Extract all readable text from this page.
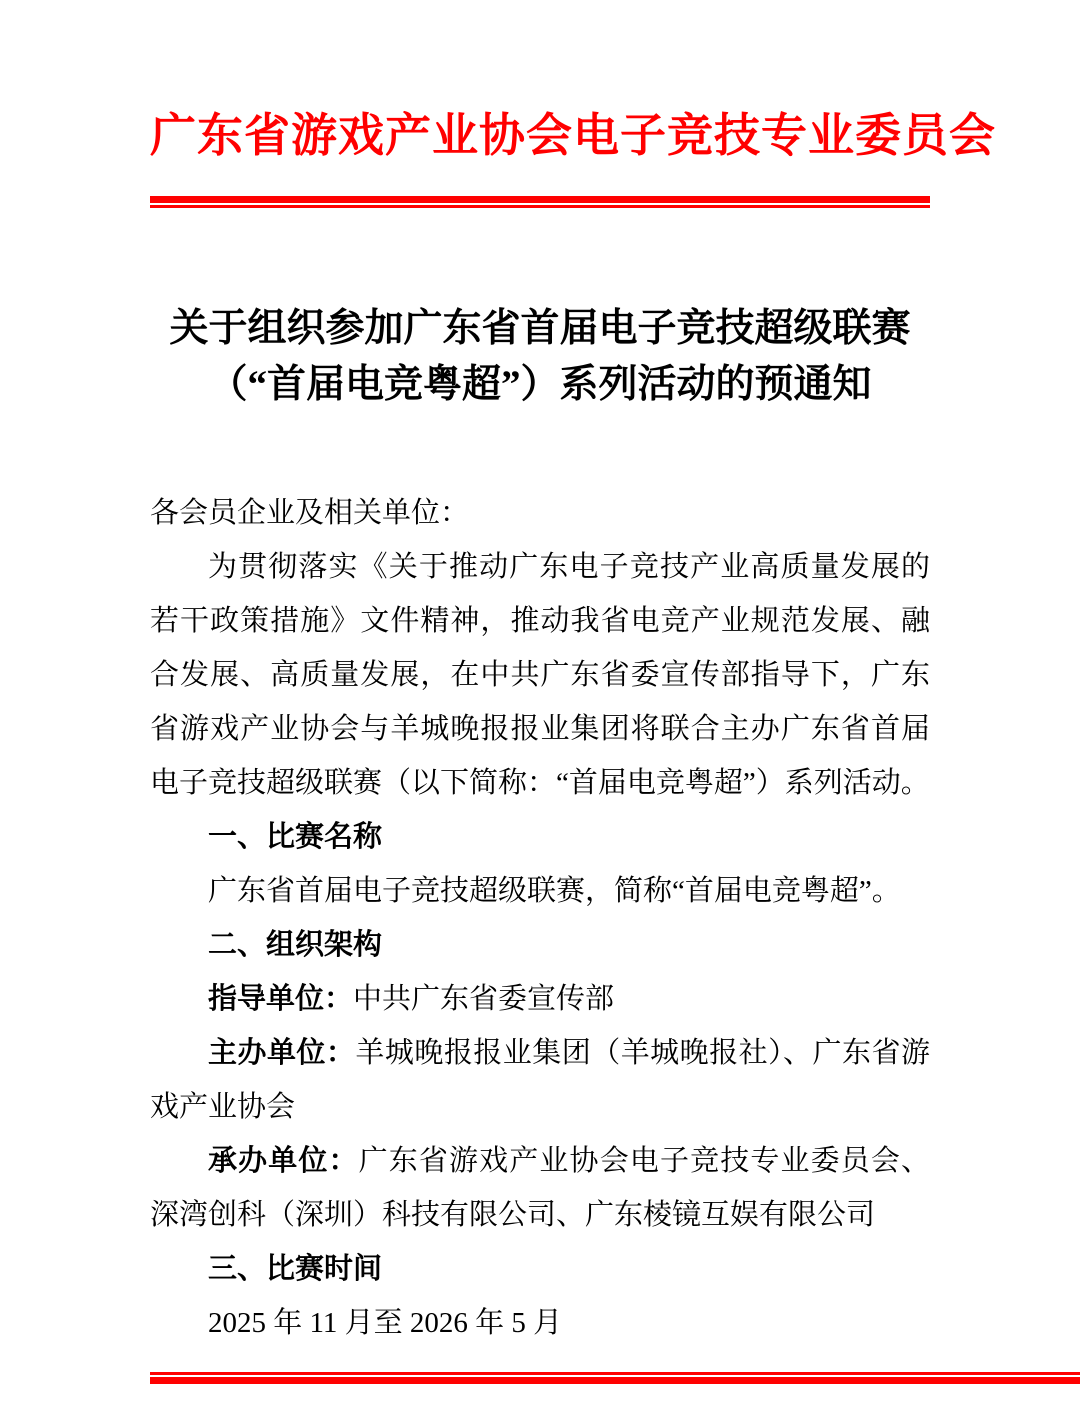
广东省游戏产业协会电子竞技专业委员会
关于组织参加广东省首届电子竞技超级联赛
（“首届电竞粤超”）系列活动的预通知

各会员企业及相关单位：

为贯彻落实《关于推动广东电子竞技产业高质量发展的若干政策措施》文件精神，推动我省电竞产业规范发展、融合发展、高质量发展，在中共广东省委宣传部指导下，广东省游戏产业协会与羊城晚报报业集团将联合主办广东省首届电子竞技超级联赛（以下简称：“首届电竞粤超”）系列活动。

一、比赛名称

广东省首届电子竞技超级联赛，简称“首届电竞粤超”。

二、组织架构

指导单位：中共广东省委宣传部

主办单位：羊城晚报报业集团（羊城晚报社）、广东省游戏产业协会

承办单位：广东省游戏产业协会电子竞技专业委员会、深湾创科（深圳）科技有限公司、广东棱镜互娱有限公司

三、比赛时间

2025 年 11 月至 2026 年 5 月
